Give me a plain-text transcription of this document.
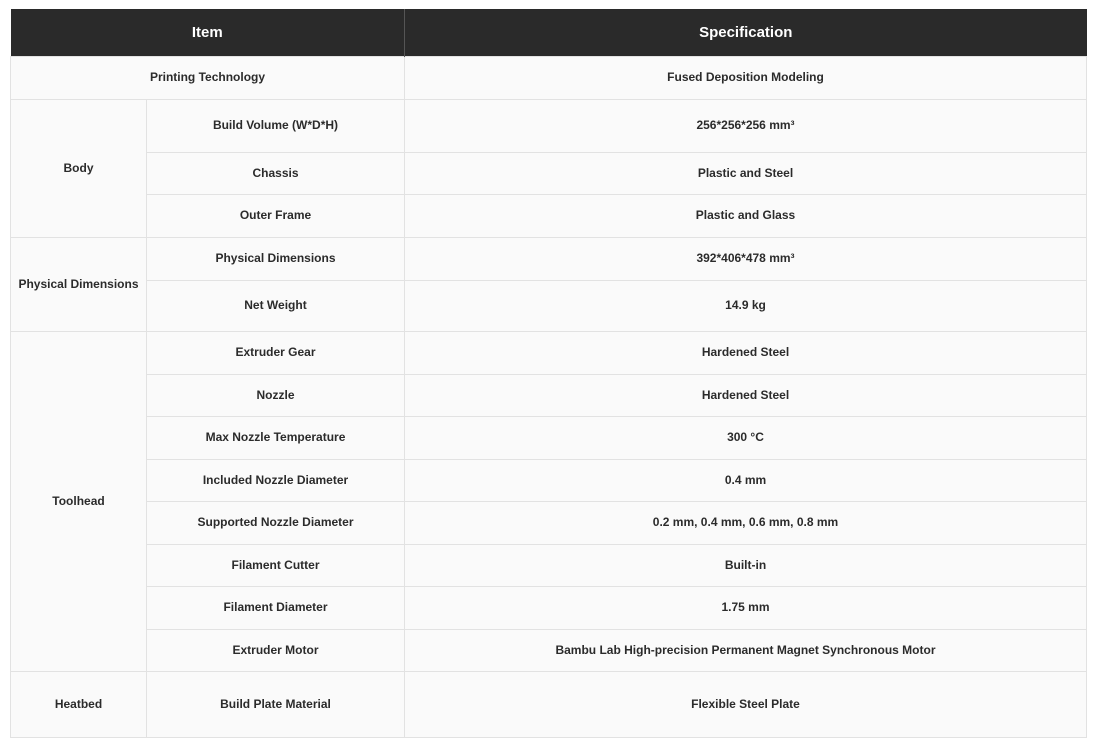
Item		Specification
Printing Technology		Fused Deposition Modeling
Body	Build Volume (W*D*H)	256*256*256 mm³
	Chassis	Plastic and Steel
	Outer Frame	Plastic and Glass
Physical Dimensions	Physical Dimensions	392*406*478 mm³
	Net Weight	14.9 kg
Toolhead	Extruder Gear	Hardened Steel
	Nozzle	Hardened Steel
	Max Nozzle Temperature	300 °C
	Included Nozzle Diameter	0.4 mm
	Supported Nozzle Diameter	0.2 mm, 0.4 mm, 0.6 mm, 0.8 mm
	Filament Cutter	Built-in
	Filament Diameter	1.75 mm
	Extruder Motor	Bambu Lab High-precision Permanent Magnet Synchronous Motor
Heatbed	Build Plate Material	Flexible Steel Plate
